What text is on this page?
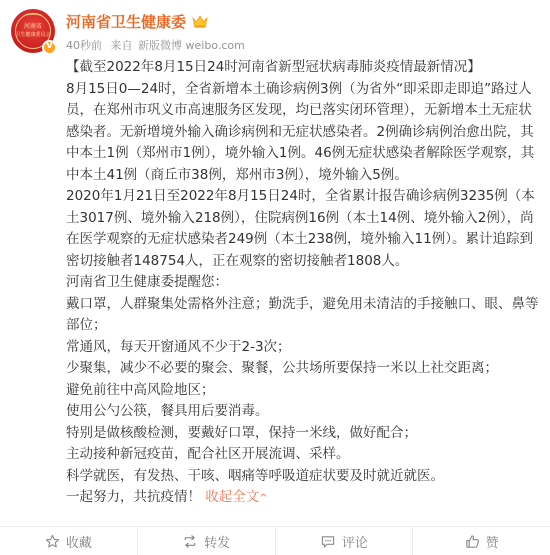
河南省
卫生健康委员会
V
河南省卫生健康委
40秒前 来自 新版微博 weibo.com

【截至2022年8月15日24时河南省新型冠状病毒肺炎疫情最新情况】

8月15日0—24时，全省新增本土确诊病例3例（为省外“即采即走即追”路过人员，在郑州市巩义市高速服务区发现，均已落实闭环管理），无新增本土无症状感染者。无新增境外输入确诊病例和无症状感染者。2例确诊病例治愈出院，其中本土1例（郑州市1例），境外输入1例。46例无症状感染者解除医学观察，其中本土41例（商丘市38例，郑州市3例），境外输入5例。

2020年1月21日至2022年8月15日24时，全省累计报告确诊病例3235例（本土3017例、境外输入218例），住院病例16例（本土14例、境外输入2例），尚在医学观察的无症状感染者249例（本土238例，境外输入11例）。累计追踪到密切接触者148754人，正在观察的密切接触者1808人。

河南省卫生健康委提醒您：

戴口罩，人群聚集处需格外注意；勤洗手，避免用未清洁的手接触口、眼、鼻等部位；

常通风，每天开窗通风不少于2-3次；

少聚集，减少不必要的聚会、聚餐，公共场所要保持一米以上社交距离；

避免前往中高风险地区；

使用公勺公筷，餐具用后要消毒。

特别是做核酸检测，要戴好口罩，保持一米线，做好配合；

主动接种新冠疫苗，配合社区开展流调、采样。

科学就医，有发热、干咳、咽痛等呼吸道症状要及时就近就医。

一起努力，共抗疫情！ 收起全文^

收藏	转发	评论	赞
